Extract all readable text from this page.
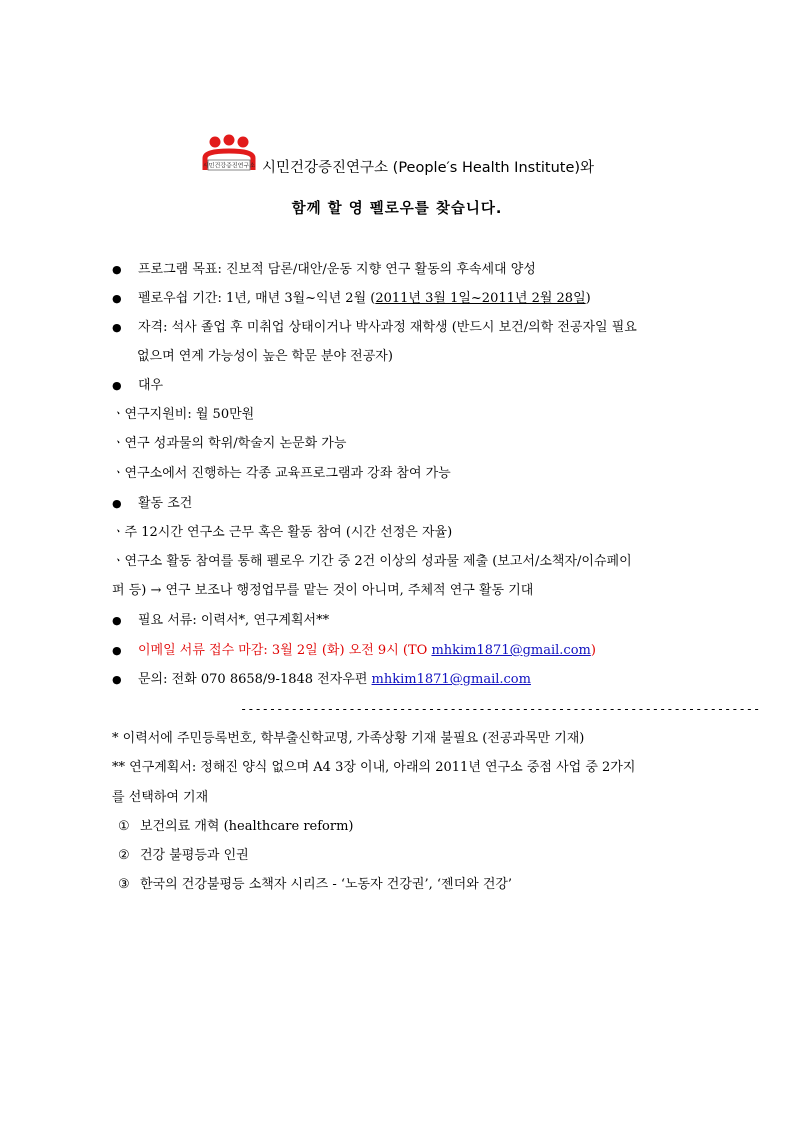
시민건강증진연구소 시민건강증진연구소 (People′s Health Institute)와
함께 할 영 펠로우를 찾습니다.
● 프로그램 목표: 진보적 담론/대안/운동 지향 연구 활동의 후속세대 양성
● 펠로우쉽 기간: 1년, 매년 3월~익년 2월 (2011년 3월 1일~2011년 2월 28일)
● 자격: 석사 졸업 후 미취업 상태이거나 박사과정 재학생 (반드시 보건/의학 전공자일 필요
없으며 연계 가능성이 높은 학문 분야 전공자)
● 대우
ㆍ연구지원비: 월 50만원
ㆍ연구 성과물의 학위/학술지 논문화 가능
ㆍ연구소에서 진행하는 각종 교육프로그램과 강좌 참여 가능
● 활동 조건
ㆍ주 12시간 연구소 근무 혹은 활동 참여 (시간 선정은 자율)
ㆍ연구소 활동 참여를 통해 펠로우 기간 중 2건 이상의 성과물 제출 (보고서/소책자/이슈페이
퍼 등) → 연구 보조나 행정업무를 맡는 것이 아니며, 주체적 연구 활동 기대
● 필요 서류: 이력서*, 연구계획서**
● 이메일 서류 접수 마감: 3월 2일 (화) 오전 9시 (TO mhkim1871@gmail.com)
● 문의: 전화 070 8658/9-1848 전자우편 mhkim1871@gmail.com
------------------------------------------------------------------------
* 이력서에 주민등록번호, 학부출신학교명, 가족상황 기재 불필요 (전공과목만 기재)
** 연구계획서: 정해진 양식 없으며 A4 3장 이내, 아래의 2011년 연구소 중점 사업 중 2가지
를 선택하여 기재
① 보건의료 개혁 (healthcare reform)
② 건강 불평등과 인권
③ 한국의 건강불평등 소책자 시리즈 - ‘노동자 건강권’, ‘젠더와 건강’
